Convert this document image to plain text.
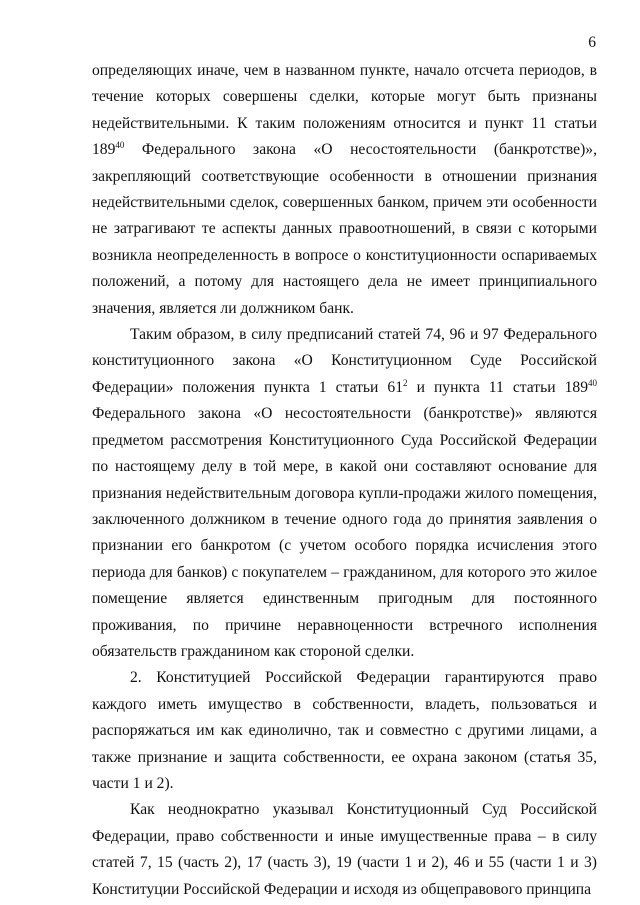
6

определяющих иначе, чем в названном пункте, начало отсчета периодов, в течение которых совершены сделки, которые могут быть признаны недействительными. К таким положениям относится и пункт 11 статьи $189^{40}$ Федерального закона «О несостоятельности (банкротстве)», закрепляющий соответствующие особенности в отношении признания недействительными сделок, совершенных банком, причем эти особенности не затрагивают те аспекты данных правоотношений, в связи с которыми возникла неопределенность в вопросе о конституционности оспариваемых положений, а потому для настоящего дела не имеет принципиального значения, является ли должником банк.

Таким образом, в силу предписаний статей 74, 96 и 97 Федерального конституционного закона «О Конституционном Суде Российской Федерации» положения пункта 1 статьи $61^2$ и пункта 11 статьи $189^{40}$ Федерального закона «О несостоятельности (банкротстве)» являются предметом рассмотрения Конституционного Суда Российской Федерации по настоящему делу в той мере, в какой они составляют основание для признания недействительным договора купли-продажи жилого помещения, заключенного должником в течение одного года до принятия заявления о признании его банкротом (с учетом особого порядка исчисления этого периода для банков) с покупателем – гражданином, для которого это жилое помещение является единственным пригодным для постоянного проживания, по причине неравноценности встречного исполнения обязательств гражданином как стороной сделки.

2. Конституцией Российской Федерации гарантируются право каждого иметь имущество в собственности, владеть, пользоваться и распоряжаться им как единолично, так и совместно с другими лицами, а также признание и защита собственности, ее охрана законом (статья 35, части 1 и 2).

Как неоднократно указывал Конституционный Суд Российской Федерации, право собственности и иные имущественные права – в силу статей 7, 15 (часть 2), 17 (часть 3), 19 (части 1 и 2), 46 и 55 (части 1 и 3) Конституции Российской Федерации и исходя из общеправового принципа
